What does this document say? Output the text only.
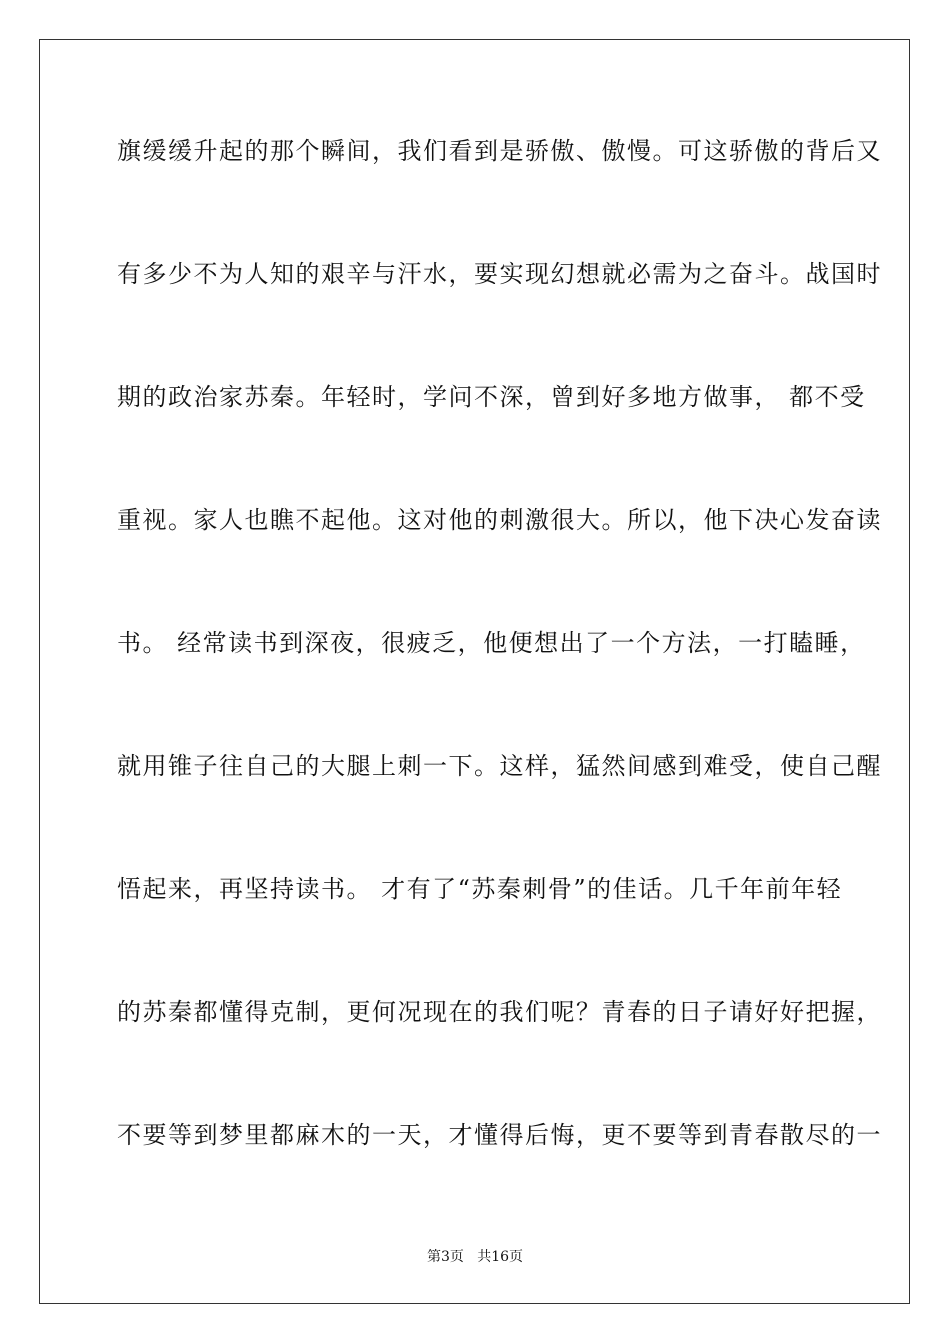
旗缓缓升起的那个瞬间，我们看到是骄傲、傲慢。可这骄傲的背后又
有多少不为人知的艰辛与汗水，要实现幻想就必需为之奋斗。战国时
期的政治家苏秦。年轻时，学问不深，曾到好多地方做事， 都不受
重视。家人也瞧不起他。这对他的刺激很大。所以，他下决心发奋读
书。 经常读书到深夜，很疲乏，他便想出了一个方法，一打瞌睡，
就用锥子往自己的大腿上刺一下。这样，猛然间感到难受，使自己醒
悟起来，再坚持读书。 才有了“苏秦刺骨”的佳话。几千年前年轻
的苏秦都懂得克制，更何况现在的我们呢？青春的日子请好好把握，
不要等到梦里都麻木的一天，才懂得后悔，更不要等到青春散尽的一
第3页   共16页
